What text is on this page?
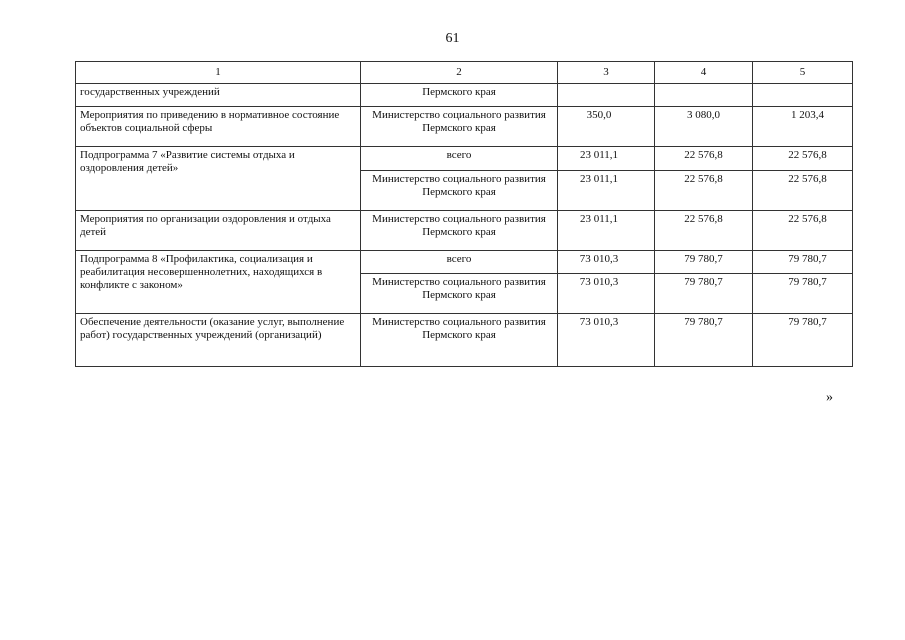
61
1	2	3	4	5
государственных учреждений	Пермского края			
Мероприятия по приведению в нормативное состояние объектов социальной сферы	Министерство социального развития Пермского края	350,0	3 080,0	1 203,4
Подпрограмма 7 «Развитие системы отдыха и оздоровления детей»	всего	23 011,1	22 576,8	22 576,8
	Министерство социального развития Пермского края	23 011,1	22 576,8	22 576,8
Мероприятия по организации оздоровления и отдыха детей	Министерство социального развития Пермского края	23 011,1	22 576,8	22 576,8
Подпрограмма 8 «Профилактика, социализация и реабилитация несовершеннолетних, находящихся в конфликте с законом»	всего	73 010,3	79 780,7	79 780,7
	Министерство социального развития Пермского края	73 010,3	79 780,7	79 780,7
Обеспечение деятельности (оказание услуг, выполнение работ) государственных учреждений (организаций)	Министерство социального развития Пермского края	73 010,3	79 780,7	79 780,7
»
